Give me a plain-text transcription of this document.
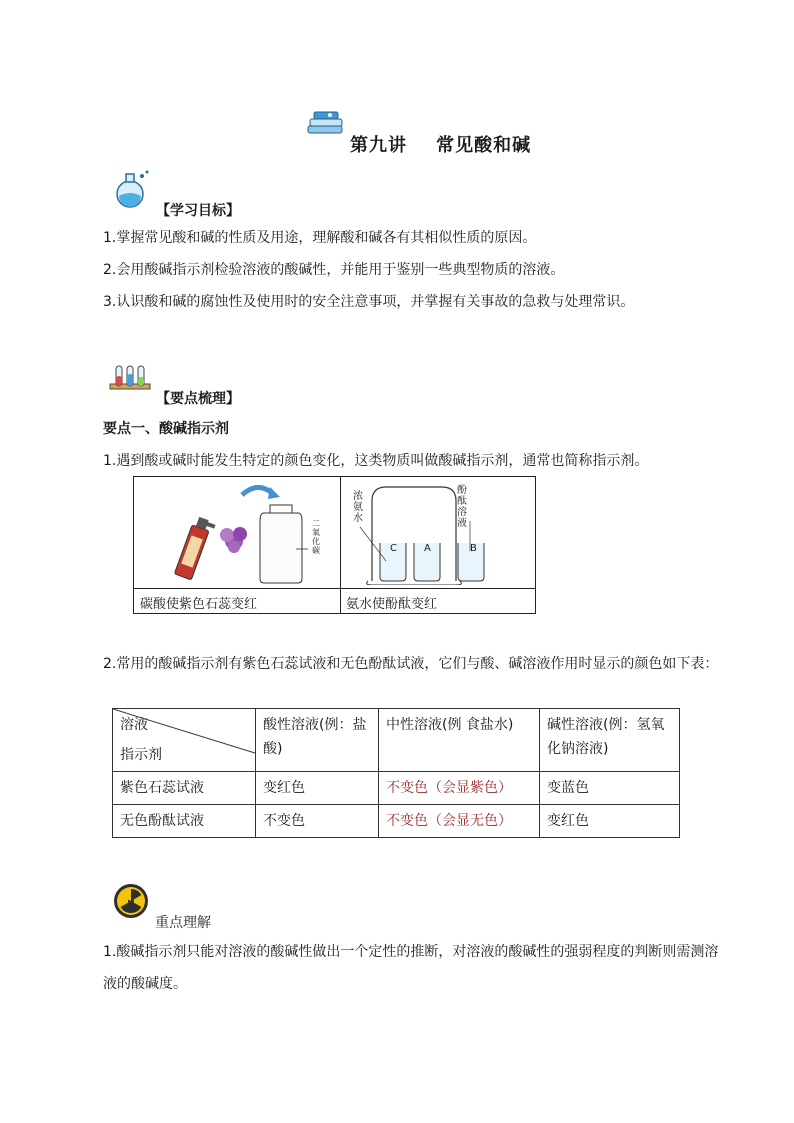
第九讲    常见酸和碱
【学习目标】
1.掌握常见酸和碱的性质及用途，理解酸和碱各有其相似性质的原因。
2.会用酸碱指示剂检验溶液的酸碱性，并能用于鉴别一些典型物质的溶液。
3.认识酸和碱的腐蚀性及使用时的安全注意事项，并掌握有关事故的急救与处理常识。
【要点梳理】
要点一、酸碱指示剂
1.遇到酸或碱时能发生特定的颜色变化，这类物质叫做酸碱指示剂，通常也简称指示剂。
二氧化碳
浓氨水
酚酞溶液
C	A	B
碳酸使紫色石蕊变红	氨水使酚酞变红
2.常用的酸碱指示剂有紫色石蕊试液和无色酚酞试液，它们与酸、碱溶液作用时显示的颜色如下表：
溶液
指示剂	酸性溶液(例：盐酸)	中性溶液(例 食盐水)	碱性溶液(例：氢氧化钠溶液)
紫色石蕊试液	变红色	不变色（会显紫色）	变蓝色
无色酚酞试液	不变色	不变色（会显无色）	变红色
重点理解
1.酸碱指示剂只能对溶液的酸碱性做出一个定性的推断，对溶液的酸碱性的强弱程度的判断则需测溶液的酸碱度。
